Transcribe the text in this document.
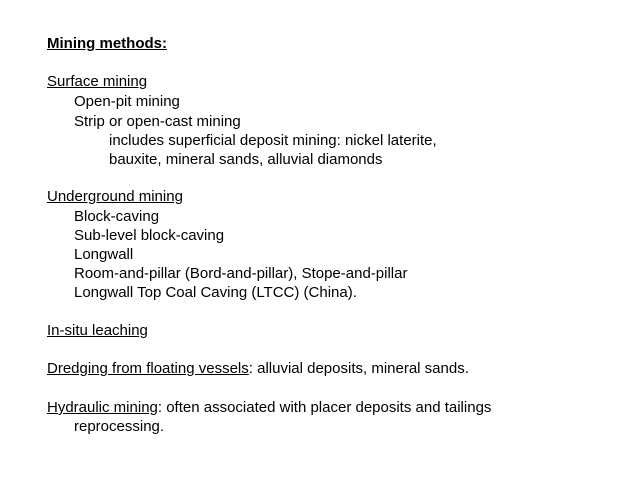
Mining methods:
Surface mining
Open-pit mining
Strip or open-cast mining
includes superficial deposit mining: nickel laterite,
bauxite, mineral sands, alluvial diamonds
Underground mining
Block-caving
Sub-level block-caving
Longwall
Room-and-pillar (Bord-and-pillar), Stope-and-pillar
Longwall Top Coal Caving (LTCC) (China).
In-situ leaching
Dredging from floating vessels: alluvial deposits, mineral sands.
Hydraulic mining: often associated with placer deposits and tailings
reprocessing.
